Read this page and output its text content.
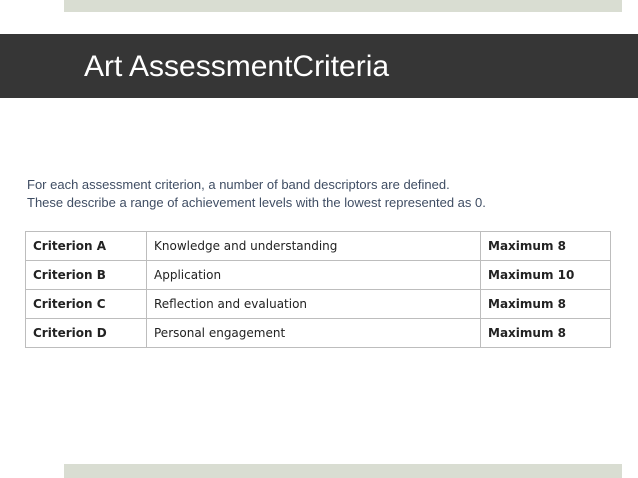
Art AssessmentCriteria

For each assessment criterion, a number of band descriptors are defined.

These describe a range of achievement levels with the lowest represented as 0.

Criterion A	Knowledge and understanding	Maximum 8
Criterion B	Application	Maximum 10
Criterion C	Reflection and evaluation	Maximum 8
Criterion D	Personal engagement	Maximum 8
